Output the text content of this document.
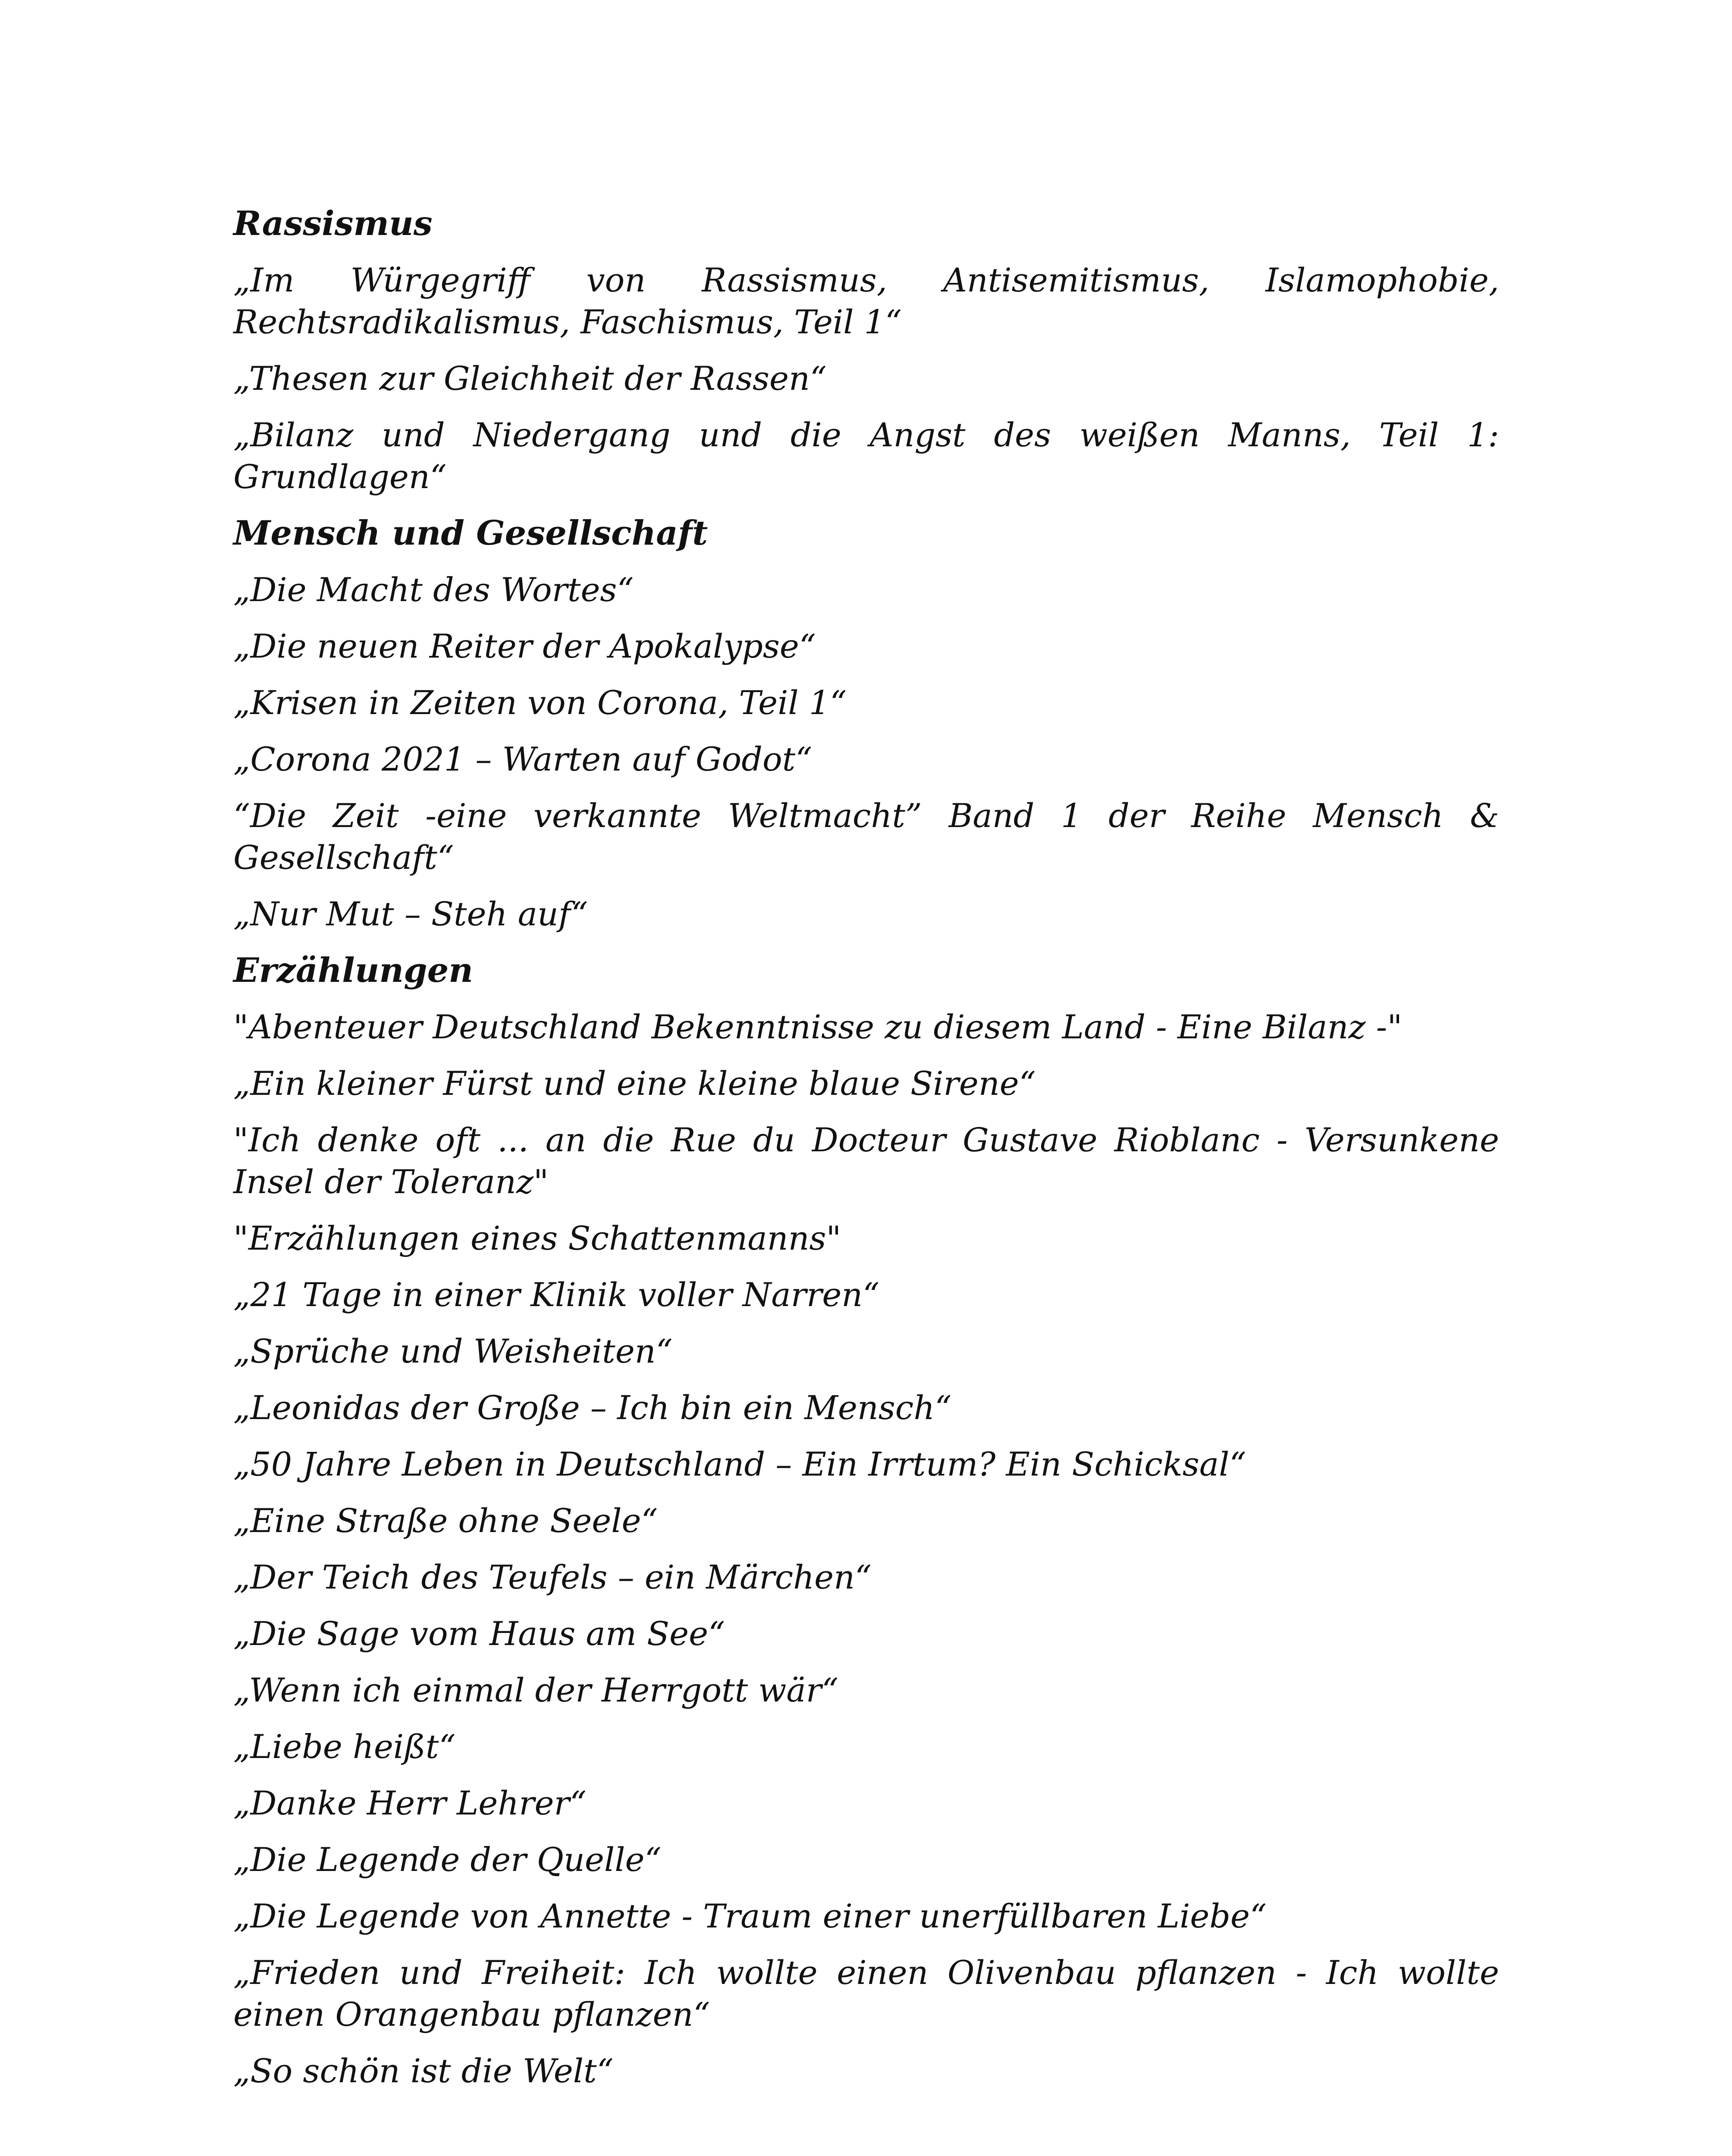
Rassismus

„Im Würgegriff von Rassismus, Antisemitismus, Islamophobie, Rechtsradikalismus, Faschismus, Teil 1“

„Thesen zur Gleichheit der Rassen“

„Bilanz und Niedergang und die Angst des weißen Manns, Teil 1: Grundlagen“

Mensch und Gesellschaft

„Die Macht des Wortes“

„Die neuen Reiter der Apokalypse“

„Krisen in Zeiten von Corona, Teil 1“

„Corona 2021 – Warten auf Godot“

“Die Zeit -eine verkannte Weltmacht” Band 1 der Reihe Mensch & Gesellschaft“

„Nur Mut – Steh auf“

Erzählungen

"Abenteuer Deutschland Bekenntnisse zu diesem Land - Eine Bilanz -"

„Ein kleiner Fürst und eine kleine blaue Sirene“

"Ich denke oft ... an die Rue du Docteur Gustave Rioblanc - Versunkene Insel der Toleranz"

"Erzählungen eines Schattenmanns"

„21 Tage in einer Klinik voller Narren“

„Sprüche und Weisheiten“

„Leonidas der Große – Ich bin ein Mensch“

„50 Jahre Leben in Deutschland – Ein Irrtum? Ein Schicksal“

„Eine Straße ohne Seele“

„Der Teich des Teufels – ein Märchen“

„Die Sage vom Haus am See“

„Wenn ich einmal der Herrgott wär“

„Liebe heißt“

„Danke Herr Lehrer“

„Die Legende der Quelle“

„Die Legende von Annette - Traum einer unerfüllbaren Liebe“

„Frieden und Freiheit: Ich wollte einen Olivenbau pflanzen - Ich wollte einen Orangenbau pflanzen“

„So schön ist die Welt“
